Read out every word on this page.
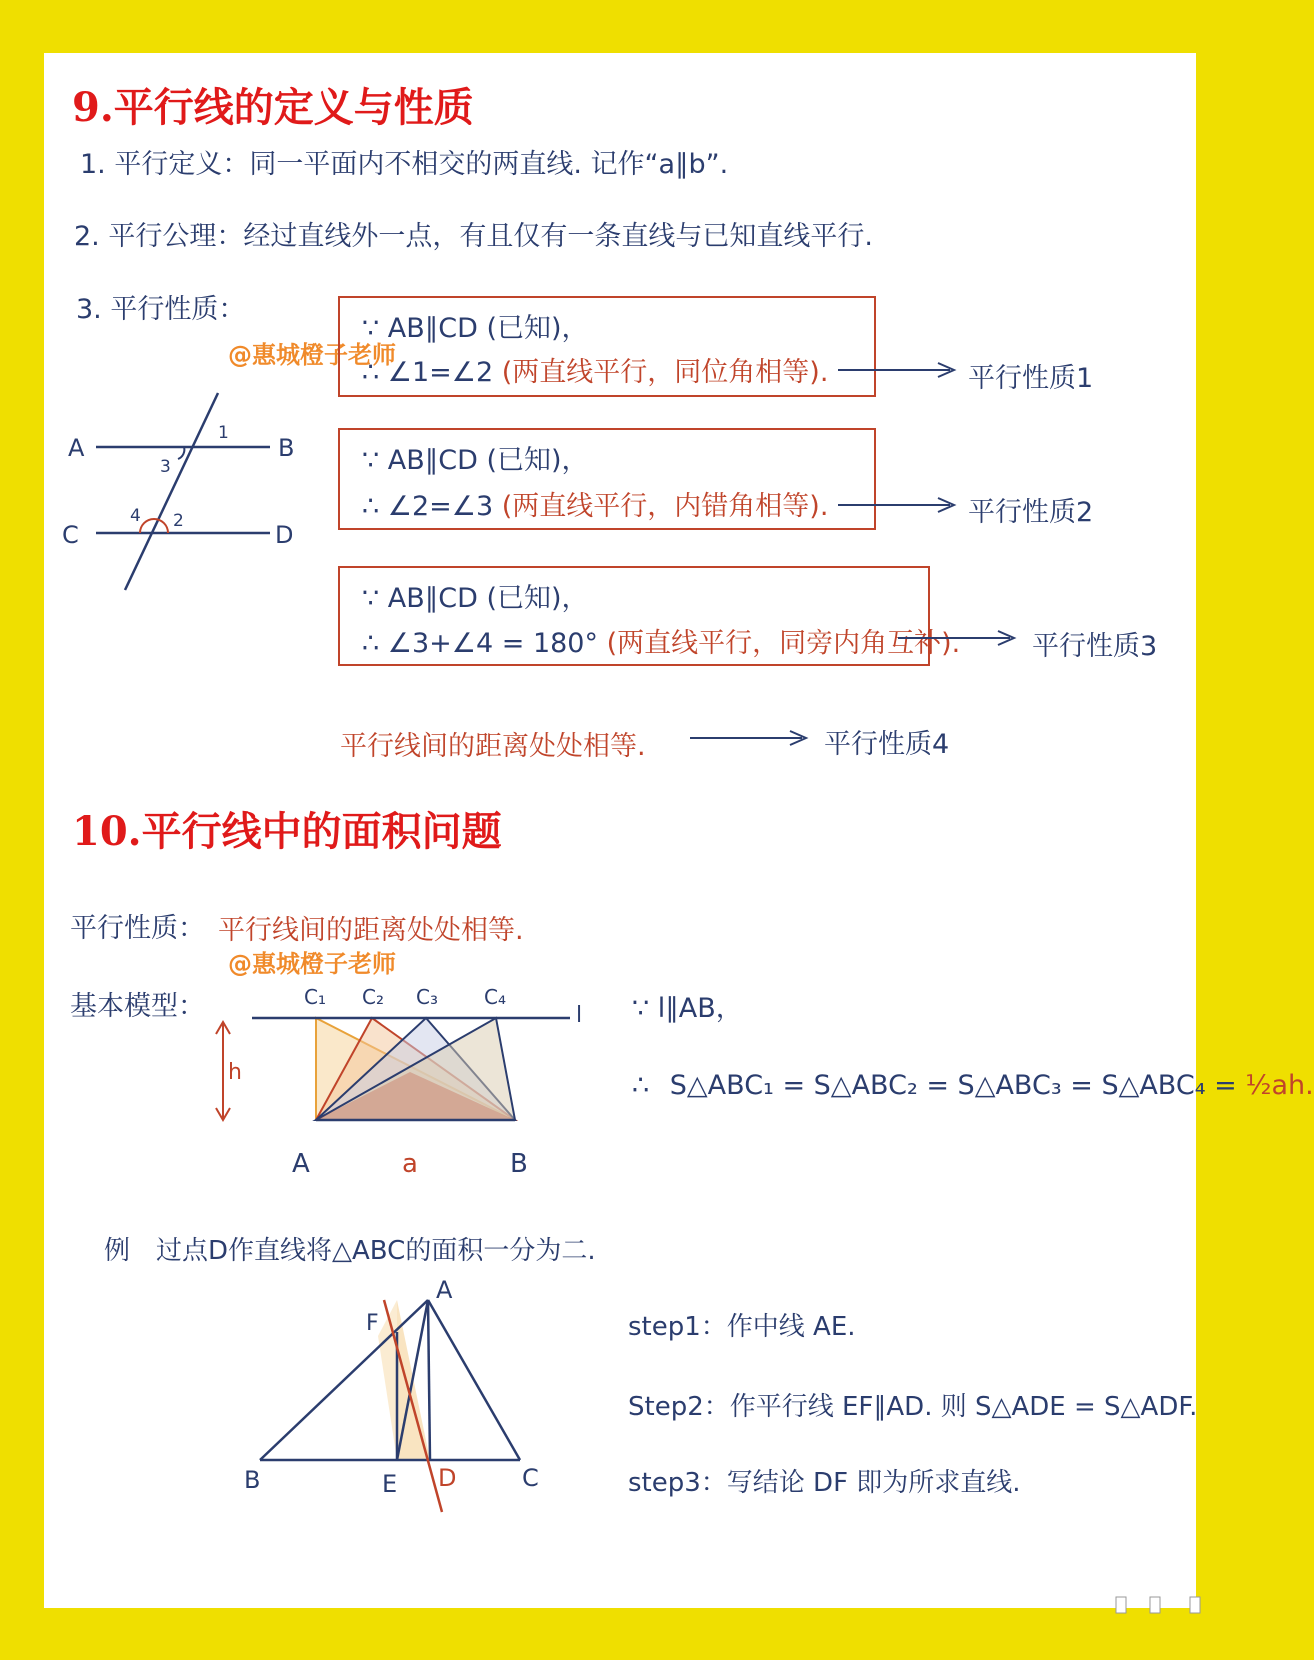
9.平行线的定义与性质
1. 平行定义：同一平面内不相交的两直线. 记作“a∥b”.
2. 平行公理：经过直线外一点，有且仅有一条直线与已知直线平行.
3. 平行性质：
@惠城橙子老师
A	B
C	D
1
2
3
4
∵ AB∥CD (已知)，
∴ ∠1=∠2 (两直线平行，同位角相等).	平行性质1
∵ AB∥CD (已知)，
∴ ∠2=∠3 (两直线平行，内错角相等).	平行性质2
∵ AB∥CD (已知)，
∴ ∠3+∠4 = 180° (两直线平行，同旁内角互补).	平行性质3
平行线间的距离处处相等.	平行性质4
10.平行线中的面积问题
平行性质： 平行线间的距离处处相等.
@惠城橙子老师
基本模型：
h
C₁ C₂ C₃ C₄
l
A	a	B
∵ l∥AB，
∴ S△ABC₁ = S△ABC₂ = S△ABC₃ = S△ABC₄ = ½ah.
例　过点D作直线将△ABC的面积一分为二.
A
B	C
D
E
F	step1：作中线 AE.
Step2：作平行线 EF∥AD. 则 S△ADE = S△ADF.
step3：写结论 DF 即为所求直线.
